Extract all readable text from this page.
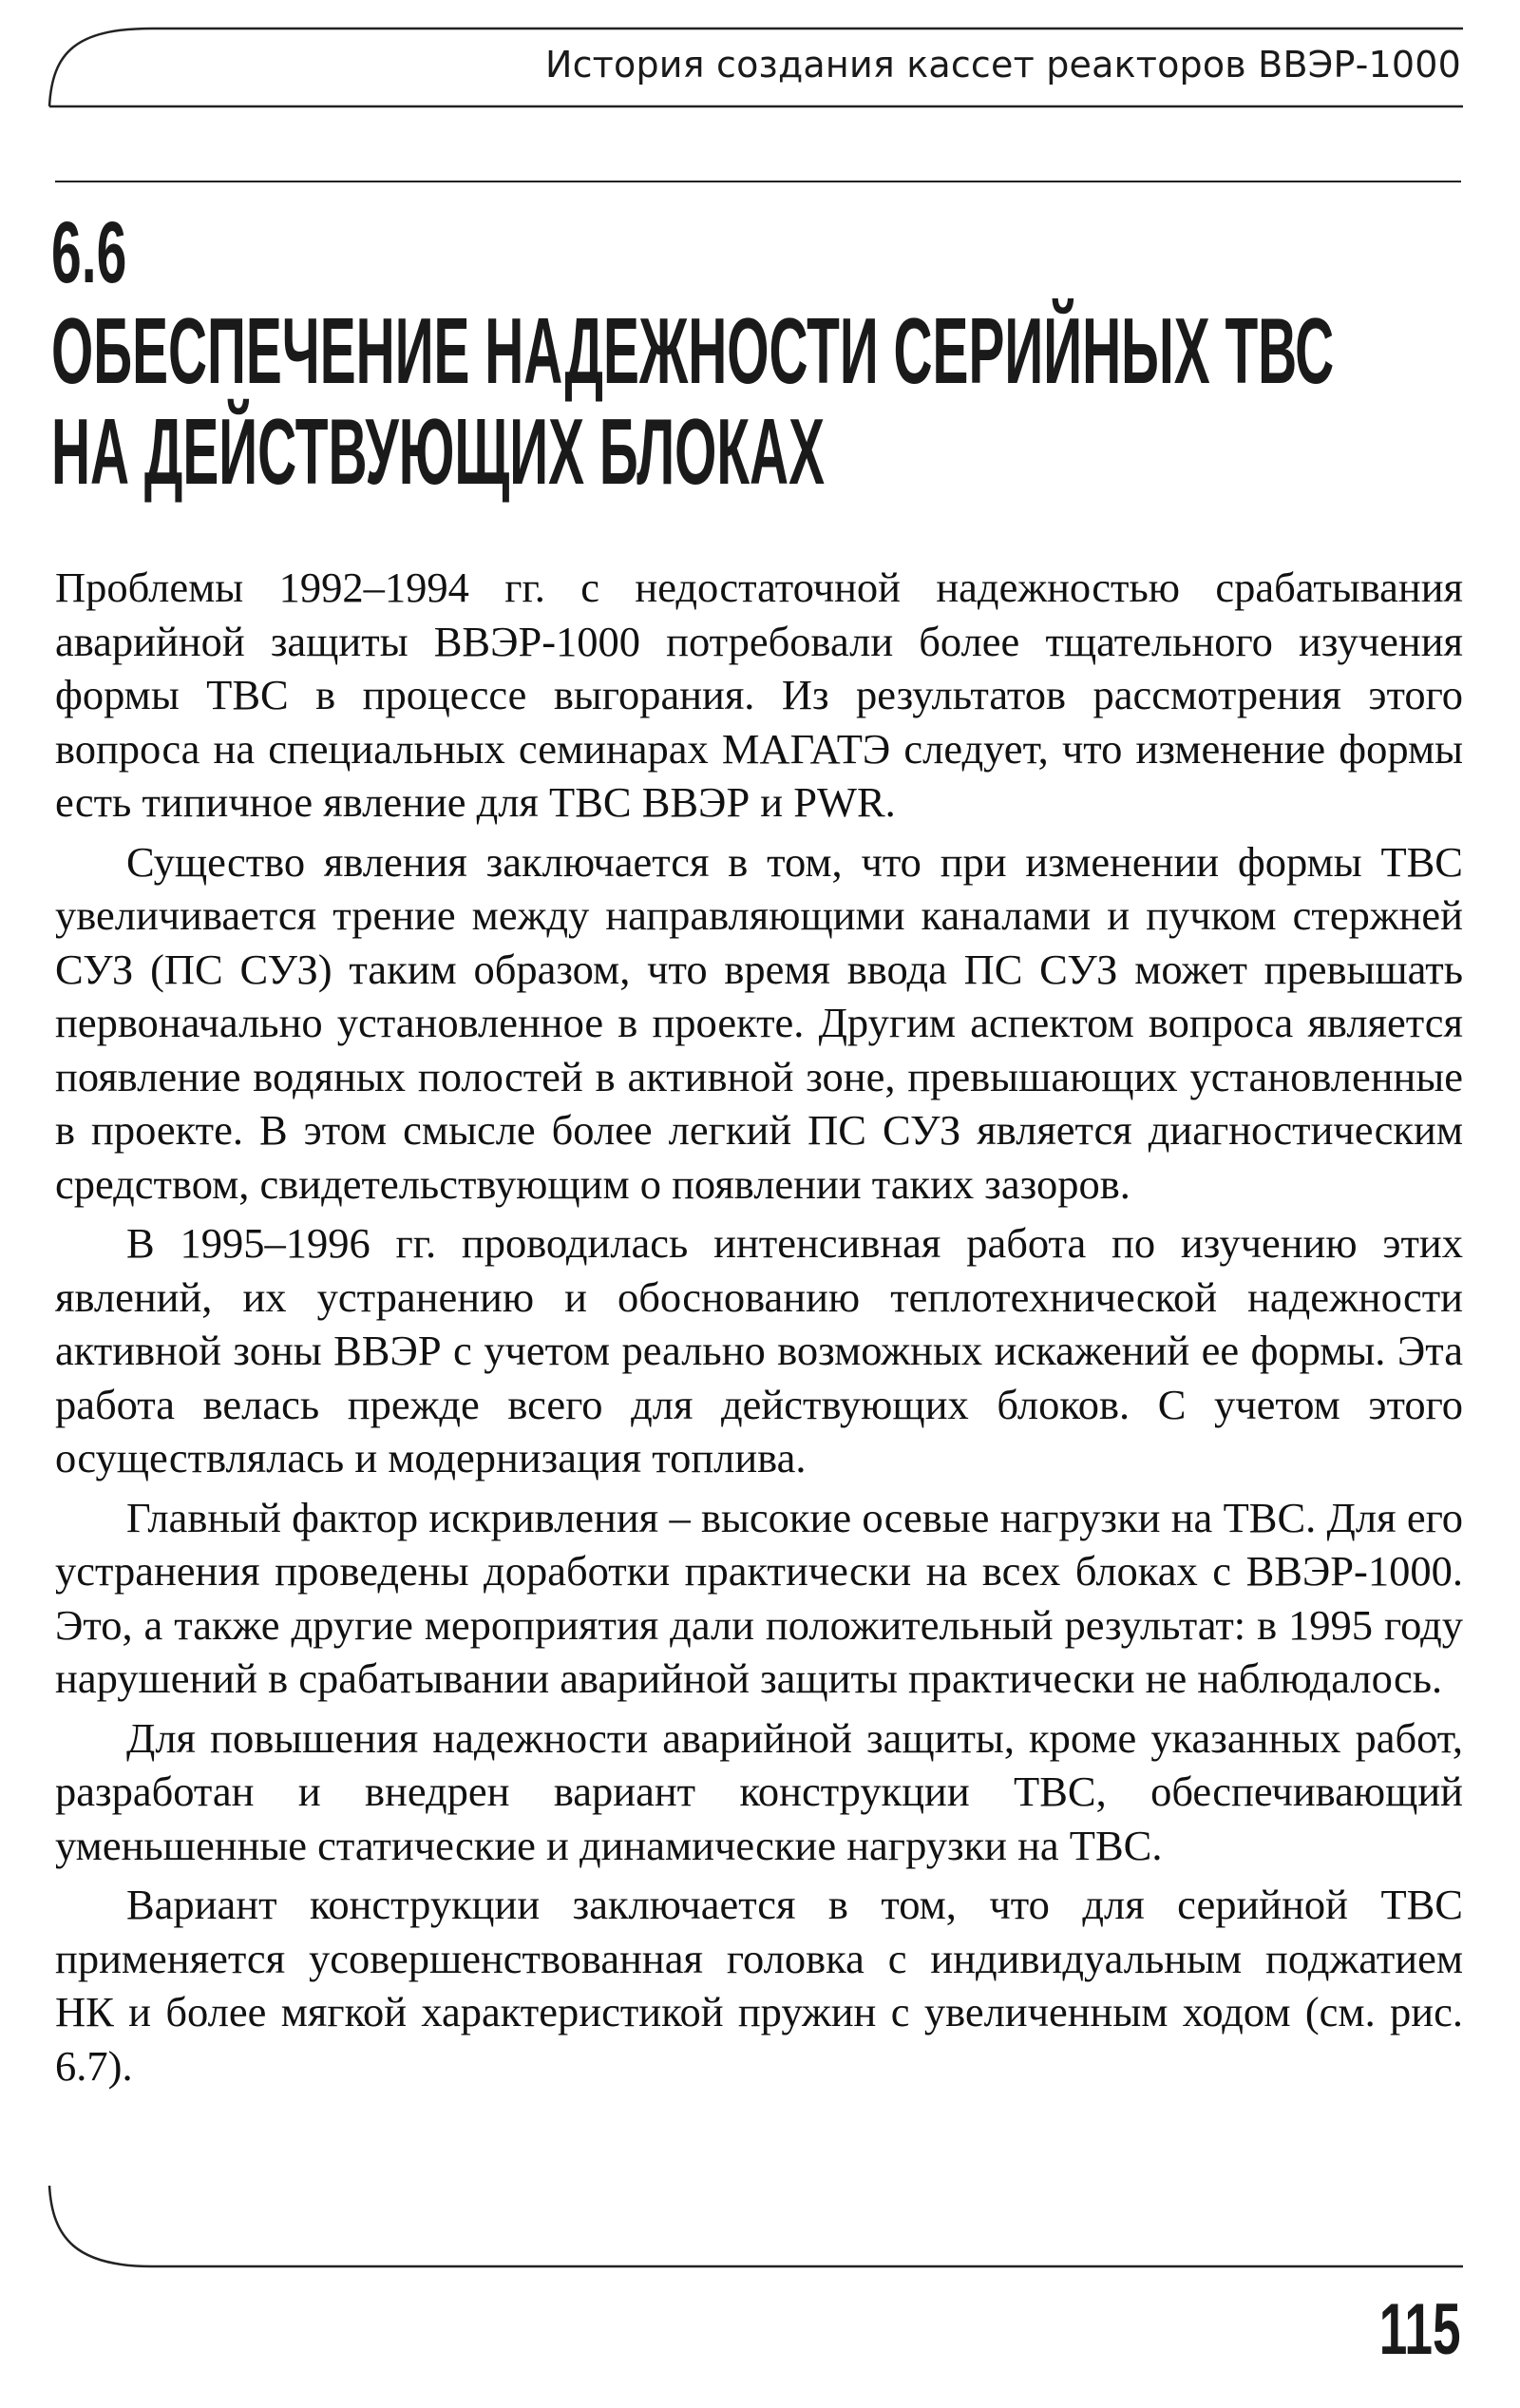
История создания кассет реакторов ВВЭР-1000
6.6
ОБЕСПЕЧЕНИЕ НАДЕЖНОСТИ СЕРИЙНЫХ ТВС
НА ДЕЙСТВУЮЩИХ БЛОКАХ

Проблемы 1992–1994 гг. с недостаточной надежностью срабатывания аварийной защиты ВВЭР-1000 потребовали более тщательного изучения формы ТВС в процессе выгорания. Из результатов рассмотрения этого вопроса на специальных семинарах МАГАТЭ следует, что изменение формы есть типичное явление для ТВС ВВЭР и PWR.

Существо явления заключается в том, что при изменении формы ТВС увеличивается трение между направляющими каналами и пучком стержней СУЗ (ПС СУЗ) таким образом, что время ввода ПС СУЗ может превышать первоначально установленное в проекте. Другим аспектом вопроса является появление водяных полостей в активной зоне, превышающих установленные в проекте. В этом смысле более легкий ПС СУЗ является диагностическим средством, свидетельствующим о появлении таких зазоров.

В 1995–1996 гг. проводилась интенсивная работа по изучению этих явлений, их устранению и обоснованию теплотехнической надежности активной зоны ВВЭР с учетом реально возможных искажений ее формы. Эта работа велась прежде всего для действующих блоков. С учетом этого осуществлялась и модернизация топлива.

Главный фактор искривления – высокие осевые нагрузки на ТВС. Для его устранения проведены доработки практически на всех блоках с ВВЭР-1000. Это, а также другие мероприятия дали положительный результат: в 1995 году нарушений в срабатывании аварийной защиты практически не наблюдалось.

Для повышения надежности аварийной защиты, кроме указанных работ, разработан и внедрен вариант конструкции ТВС, обеспечивающий уменьшенные статические и динамические нагрузки на ТВС.

Вариант конструкции заключается в том, что для серийной ТВС применяется усовершенствованная головка с индивидуальным поджатием НК и более мягкой характеристикой пружин с увеличенным ходом (см. рис. 6.7).

115
